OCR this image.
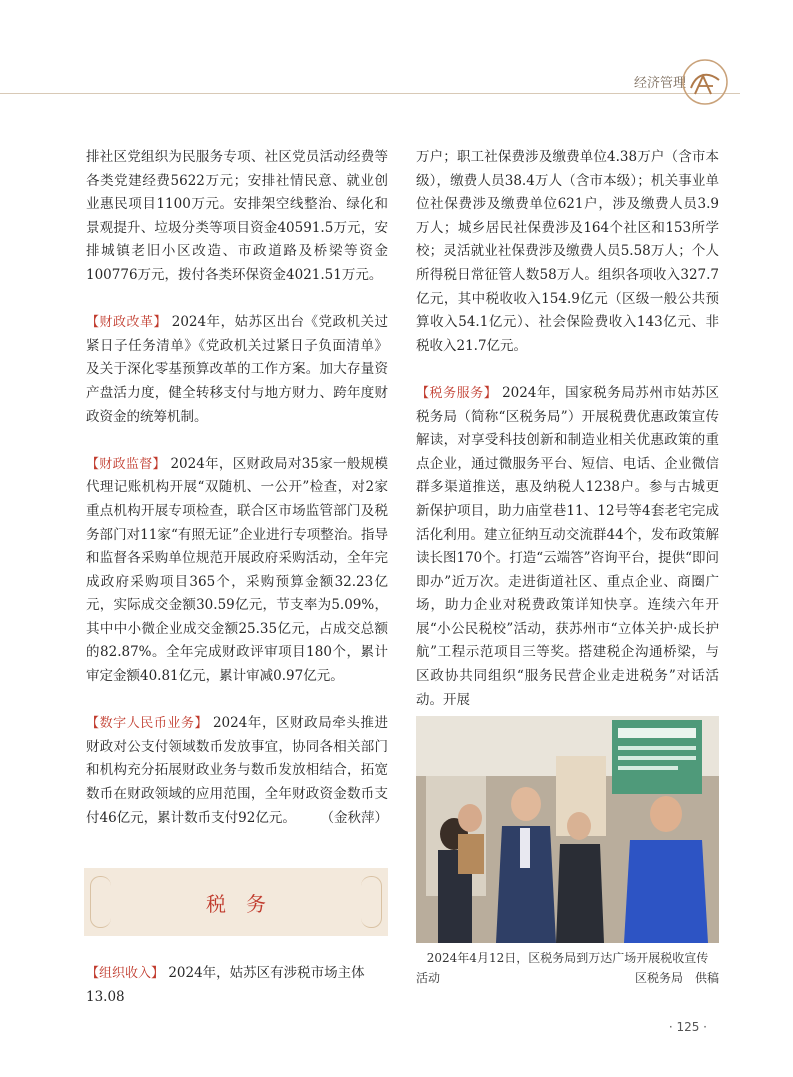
经济管理

排社区党组织为民服务专项、社区党员活动经费等各类党建经费5622万元；安排社情民意、就业创业惠民项目1100万元。安排架空线整治、绿化和景观提升、垃圾分类等项目资金40591.5万元，安排城镇老旧小区改造、市政道路及桥梁等资金100776万元，拨付各类环保资金4021.51万元。

【财政改革】 2024年，姑苏区出台《党政机关过紧日子任务清单》《党政机关过紧日子负面清单》及关于深化零基预算改革的工作方案。加大存量资产盘活力度，健全转移支付与地方财力、跨年度财政资金的统筹机制。

【财政监督】 2024年，区财政局对35家一般规模代理记账机构开展“双随机、一公开”检查，对2家重点机构开展专项检查，联合区市场监管部门及税务部门对11家“有照无证”企业进行专项整治。指导和监督各采购单位规范开展政府采购活动，全年完成政府采购项目365个，采购预算金额32.23亿元，实际成交金额30.59亿元，节支率为5.09%，其中中小微企业成交金额25.35亿元，占成交总额的82.87%。全年完成财政评审项目180个，累计审定金额40.81亿元，累计审减0.97亿元。

【数字人民币业务】 2024年，区财政局牵头推进财政对公支付领域数币发放事宜，协同各相关部门和机构充分拓展财政业务与数币发放相结合，拓宽数币在财政领域的应用范围，全年财政资金数币支付46亿元，累计数币支付92亿元。 （金秋萍）

税务

【组织收入】 2024年，姑苏区有涉税市场主体13.08

万户；职工社保费涉及缴费单位4.38万户（含市本级），缴费人员38.4万人（含市本级）；机关事业单位社保费涉及缴费单位621户，涉及缴费人员3.9万人；城乡居民社保费涉及164个社区和153所学校；灵活就业社保费涉及缴费人员5.58万人；个人所得税日常征管人数58万人。组织各项收入327.7亿元，其中税收收入154.9亿元（区级一般公共预算收入54.1亿元）、社会保险费收入143亿元、非税收入21.7亿元。

【税务服务】 2024年，国家税务局苏州市姑苏区税务局（简称“区税务局”）开展税费优惠政策宣传解读，对享受科技创新和制造业相关优惠政策的重点企业，通过微服务平台、短信、电话、企业微信群多渠道推送，惠及纳税人1238户。参与古城更新保护项目，助力庙堂巷11、12号等4套老宅完成活化利用。建立征纳互动交流群44个，发布政策解读长图170个。打造“云端答”咨询平台，提供“即问即办”近万次。走进街道社区、重点企业、商圈广场，助力企业对税费政策详知快享。连续六年开展“小公民税校”活动，获苏州市“立体关护·成长护航”工程示范项目三等奖。搭建税企沟通桥梁，与区政协共同组织“服务民营企业走进税务”对话活动。开展

2024年4月12日，区税务局到万达广场开展税收宣传
活动	区税务局　供稿
· 125 ·
